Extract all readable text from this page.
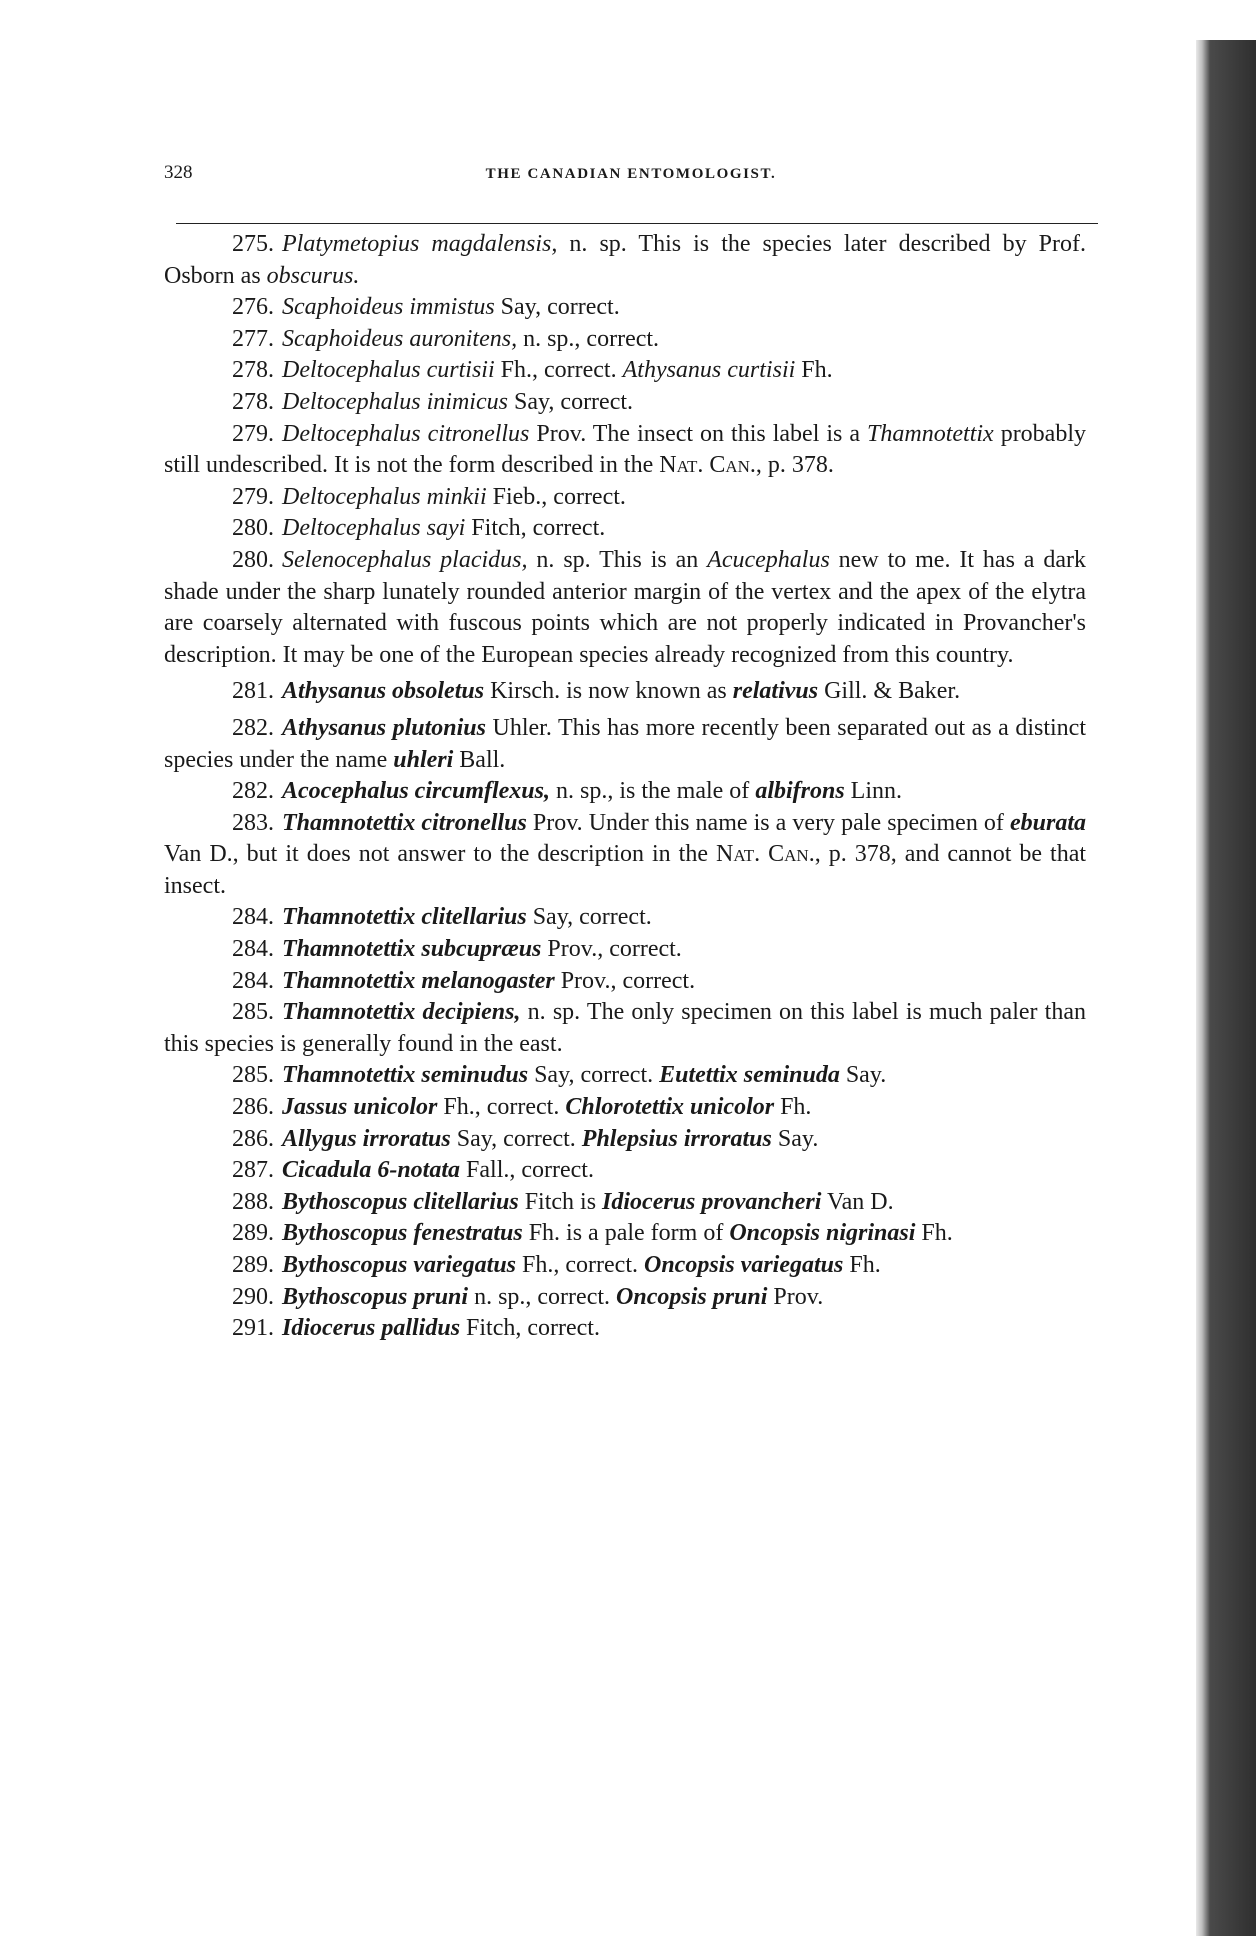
328	THE CANADIAN ENTOMOLOGIST.

275. Platymetopius magdalensis, n. sp. This is the species later described by Prof. Osborn as obscurus.

276. Scaphoideus immistus Say, correct.

277. Scaphoideus auronitens, n. sp., correct.

278. Deltocephalus curtisii Fh., correct. Athysanus curtisii Fh.

278. Deltocephalus inimicus Say, correct.

279. Deltocephalus citronellus Prov. The insect on this label is a Thamnotettix probably still undescribed. It is not the form described in the Nat. Can., p. 378.

279. Deltocephalus minkii Fieb., correct.

280. Deltocephalus sayi Fitch, correct.

280. Selenocephalus placidus, n. sp. This is an Acucephalus new to me. It has a dark shade under the sharp lunately rounded anterior margin of the vertex and the apex of the elytra are coarsely alternated with fuscous points which are not properly indicated in Provancher's description. It may be one of the European species already recognized from this country.

281. Athysanus obsoletus Kirsch. is now known as relativus Gill. & Baker.

282. Athysanus plutonius Uhler. This has more recently been separated out as a distinct species under the name uhleri Ball.

282. Acocephalus circumflexus, n. sp., is the male of albifrons Linn.

283. Thamnotettix citronellus Prov. Under this name is a very pale specimen of eburata Van D., but it does not answer to the description in the Nat. Can., p. 378, and cannot be that insect.

284. Thamnotettix clitellarius Say, correct.

284. Thamnotettix subcupræus Prov., correct.

284. Thamnotettix melanogaster Prov., correct.

285. Thamnotettix decipiens, n. sp. The only specimen on this label is much paler than this species is generally found in the east.

285. Thamnotettix seminudus Say, correct. Eutettix seminuda Say.

286. Jassus unicolor Fh., correct. Chlorotettix unicolor Fh.

286. Allygus irroratus Say, correct. Phlepsius irroratus Say.

287. Cicadula 6-notata Fall., correct.

288. Bythoscopus clitellarius Fitch is Idiocerus provancheri Van D.

289. Bythoscopus fenestratus Fh. is a pale form of Oncopsis nigrinasi Fh.

289. Bythoscopus variegatus Fh., correct. Oncopsis variegatus Fh.

290. Bythoscopus pruni n. sp., correct. Oncopsis pruni Prov.

291. Idiocerus pallidus Fitch, correct.
